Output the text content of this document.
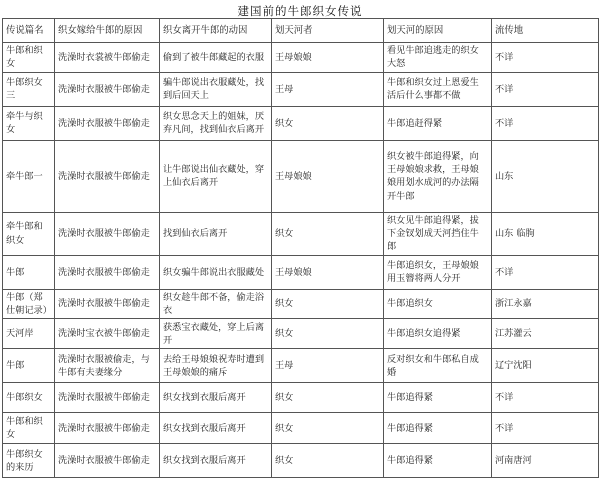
建国前的牛郎织女传说
传说篇名	织女嫁给牛郎的原因	织女离开牛郎的动因	划天河者	划天河的原因	流传地
牛郎和织女	洗澡时衣裳被牛郎偷走	偷到了被牛郎藏起的衣服	王母娘娘	看见牛郎追逃走的织女大怒	不详
牛郎织女三	洗澡时衣服被牛郎偷走	骗牛郎说出衣服藏处，找到后回天上	王母	牛郎和织女过上恩爱生活后什么事都不做	不详
牵牛与织女	洗澡时衣服被牛郎偷走	织女思念天上的姐妹，厌弃凡间，找到仙衣后离开	织女	牛郎追赶得紧	不详
牵牛郎一	洗澡时衣服被牛郎偷走	让牛郎说出仙衣藏处，穿上仙衣后离开	王母娘娘	织女被牛郎追得紧，向王母娘娘求救，王母娘娘用划水成河的办法隔开牛郎	山东
牵牛郎和织女	洗澡时衣服被牛郎偷走	找到仙衣后离开	织女	织女见牛郎追得紧，拔下金钗划成天河挡住牛郎	山东 临朐
牛郎	洗澡时衣服被牛郎偷走	织女骗牛郎说出衣服藏处	王母娘娘	牛郎追织女，王母娘娘用玉簪将两人分开	不详
牛郎（郑仕朝记录）	洗澡时衣服被牛郎偷走	织女趁牛郎不备，偷走浴衣	织女	牛郎追织女	浙江永嘉
天河岸	洗澡时宝衣被牛郎偷走	获悉宝衣藏处，穿上后离开	织女	牛郎追织女追得紧	江苏灌云
牛郎	洗澡时衣服被偷走，与牛郎有夫妻缘分	去给王母娘娘祝寿时遭到王母娘娘的痛斥	王母	反对织女和牛郎私自成婚	辽宁沈阳
牛郎织女	洗澡时衣服被牛郎偷走	织女找到衣服后离开	织女	牛郎追得紧	不详
牛郎和织女	洗澡时衣服被牛郎偷走	织女找到衣服后离开	织女	牛郎追得紧	不详
牛郎织女的来历	洗澡时衣服被牛郎偷走	织女找到衣服后离开	织女	牛郎追得紧	河南唐河
